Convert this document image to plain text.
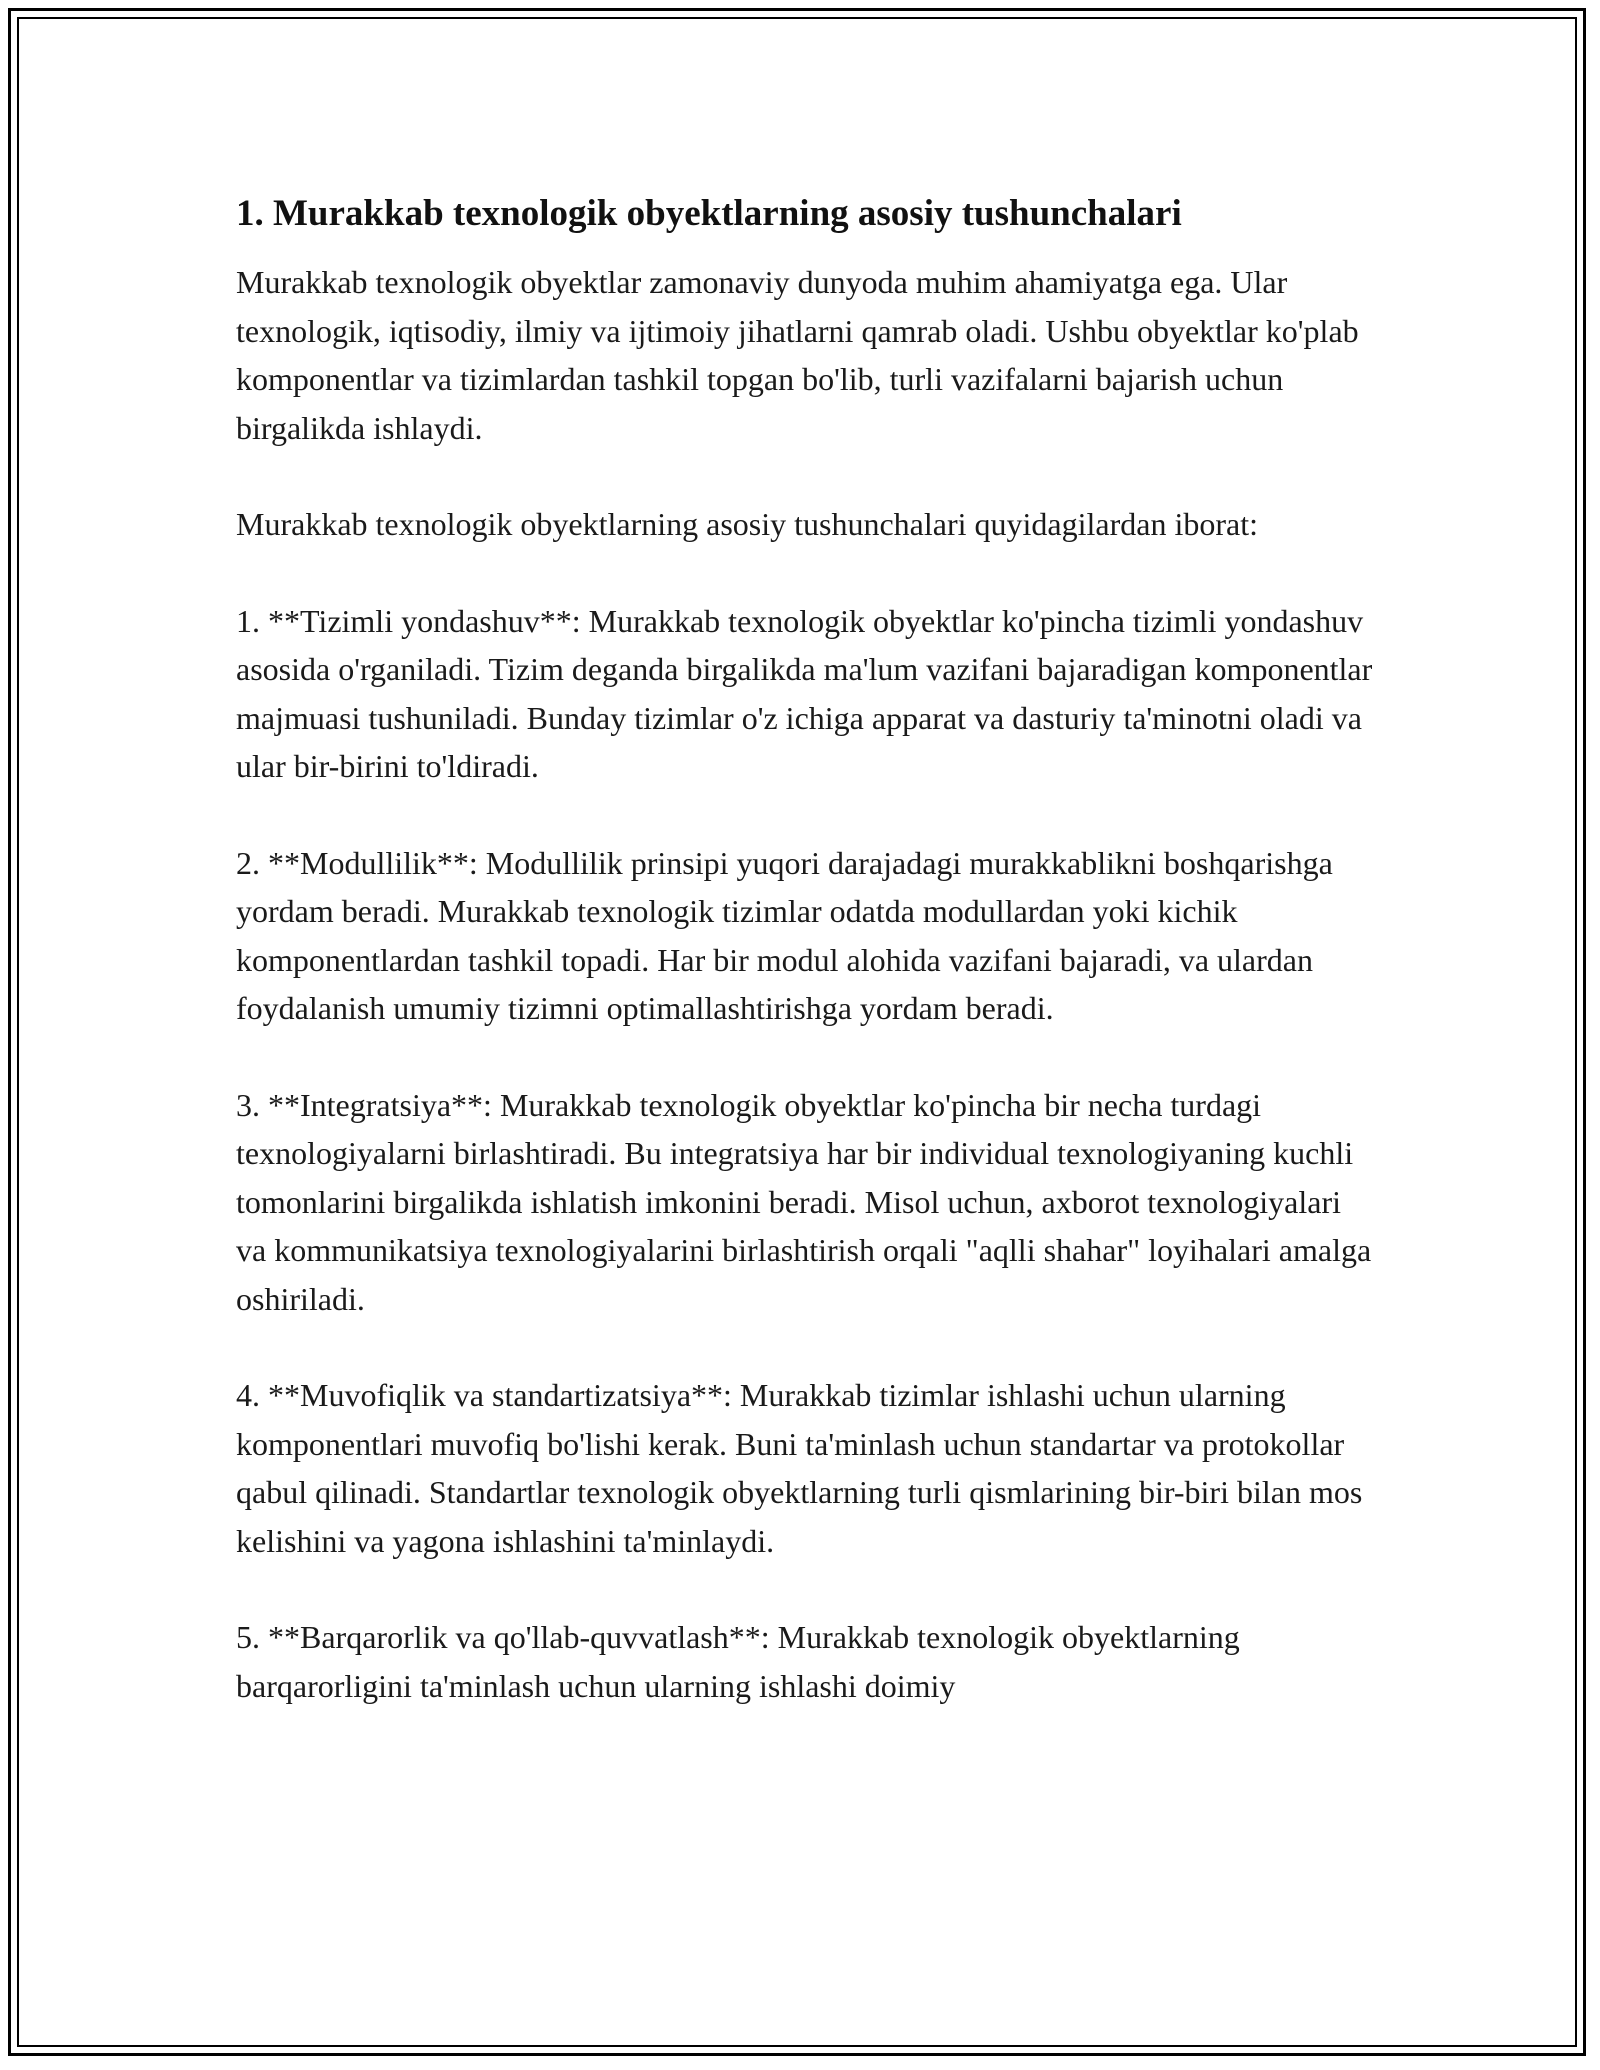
1. Murakkab texnologik obyektlarning asosiy tushunchalari

Murakkab texnologik obyektlar zamonaviy dunyoda muhim ahamiyatga ega. Ular texnologik, iqtisodiy, ilmiy va ijtimoiy jihatlarni qamrab oladi. Ushbu obyektlar ko'plab komponentlar va tizimlardan tashkil topgan bo'lib, turli vazifalarni bajarish uchun birgalikda ishlaydi.

Murakkab texnologik obyektlarning asosiy tushunchalari quyidagilardan iborat:

1. **Tizimli yondashuv**: Murakkab texnologik obyektlar ko'pincha tizimli yondashuv asosida o'rganiladi. Tizim deganda birgalikda ma'lum vazifani bajaradigan komponentlar majmuasi tushuniladi. Bunday tizimlar o'z ichiga apparat va dasturiy ta'minotni oladi va ular bir-birini to'ldiradi.

2. **Modullilik**: Modullilik prinsipi yuqori darajadagi murakkablikni boshqarishga yordam beradi. Murakkab texnologik tizimlar odatda modullardan yoki kichik komponentlardan tashkil topadi. Har bir modul alohida vazifani bajaradi, va ulardan foydalanish umumiy tizimni optimallashtirishga yordam beradi.

3. **Integratsiya**: Murakkab texnologik obyektlar ko'pincha bir necha turdagi texnologiyalarni birlashtiradi. Bu integratsiya har bir individual texnologiyaning kuchli tomonlarini birgalikda ishlatish imkonini beradi. Misol uchun, axborot texnologiyalari va kommunikatsiya texnologiyalarini birlashtirish orqali "aqlli shahar" loyihalari amalga oshiriladi.

4. **Muvofiqlik va standartizatsiya**: Murakkab tizimlar ishlashi uchun ularning komponentlari muvofiq bo'lishi kerak. Buni ta'minlash uchun standartar va protokollar qabul qilinadi. Standartlar texnologik obyektlarning turli qismlarining bir-biri bilan mos kelishini va yagona ishlashini ta'minlaydi.

5. **Barqarorlik va qo'llab-quvvatlash**: Murakkab texnologik obyektlarning barqarorligini ta'minlash uchun ularning ishlashi doimiy
